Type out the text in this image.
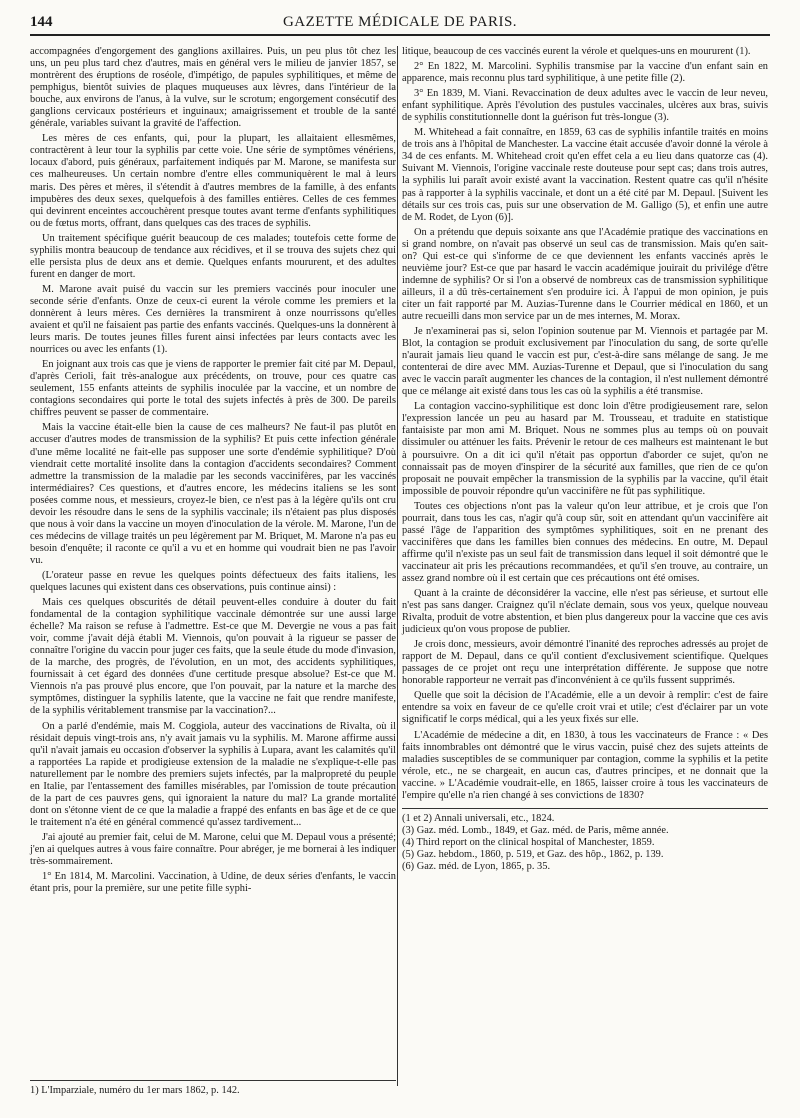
144	GAZETTE MÉDICALE DE PARIS.

accompagnées d'engorgement des ganglions axillaires. Puis, un peu plus tôt chez les uns, un peu plus tard chez d'autres, mais en général vers le milieu de janvier 1857, se montrèrent des éruptions de roséole, d'impétigo, de papules syphilitiques, et même de pemphigus, bientôt suivies de plaques muqueuses aux lèvres, dans l'intérieur de la bouche, aux environs de l'anus, à la vulve, sur le scrotum; engorgement consécutif des ganglions cervicaux postérieurs et inguinaux; amaigrissement et trouble de la santé générale, variables suivant la gravité de l'affection.

Les mères de ces enfants, qui, pour la plupart, les allaitaient ellesmêmes, contractèrent à leur tour la syphilis par cette voie. Une série de symptômes vénériens, locaux d'abord, puis généraux, parfaitement indiqués par M. Marone, se manifesta sur ces malheureuses. Un certain nombre d'entre elles communiquèrent le mal à leurs maris. Des pères et mères, il s'étendit à d'autres membres de la famille, à des enfants impubères des deux sexes, quelquefois à des familles entières. Celles de ces femmes qui devinrent enceintes accouchèrent presque toutes avant terme d'enfants syphilitiques ou de fœtus morts, offrant, dans quelques cas des traces de syphilis.

Un traitement spécifique guérit beaucoup de ces malades; toutefois cette forme de syphilis montra beaucoup de tendance aux récidives, et il se trouva des sujets chez qui elle persista plus de deux ans et demie. Quelques enfants moururent, et des adultes furent en danger de mort.

M. Marone avait puisé du vaccin sur les premiers vaccinés pour inoculer une seconde série d'enfants. Onze de ceux-ci eurent la vérole comme les premiers et la donnèrent à leurs mères. Ces dernières la transmirent à onze nourrissons qu'elles avaient et qu'il ne faisaient pas partie des enfants vaccinés. Quelques-uns la donnèrent à leurs maris. De toutes jeunes filles furent ainsi infectées par leurs contacts avec les nourrices ou avec les enfants (1).

En joignant aux trois cas que je viens de rapporter le premier fait cité par M. Depaul, d'après Cerioli, fait très-analogue aux précédents, on trouve, pour ces quatre cas seulement, 155 enfants atteints de syphilis inoculée par la vaccine, et un nombre de contagions secondaires qui porte le total des sujets infectés à près de 300. De pareils chiffres peuvent se passer de commentaire.

Mais la vaccine était-elle bien la cause de ces malheurs? Ne faut-il pas plutôt en accuser d'autres modes de transmission de la syphilis? Et puis cette infection générale d'une même localité ne fait-elle pas supposer une sorte d'endémie syphilitique? D'où viendrait cette mortalité insolite dans la contagion d'accidents secondaires? Comment admettre la transmission de la maladie par les seconds vaccinifères, par les vaccinés intermédiaires? Ces questions, et d'autres encore, les médecins italiens se les sont posées comme nous, et messieurs, croyez-le bien, ce n'est pas à la légère qu'ils ont cru devoir les résoudre dans le sens de la syphilis vaccinale; ils n'étaient pas plus disposés que nous à voir dans la vaccine un moyen d'inoculation de la vérole. M. Marone, l'un de ces médecins de village traités un peu légèrement par M. Briquet, M. Marone n'a pas eu besoin d'enquête; il raconte ce qu'il a vu et en homme qui voudrait bien ne pas l'avoir vu.

(L'orateur passe en revue les quelques points défectueux des faits italiens, les quelques lacunes qui existent dans ces observations, puis continue ainsi) :

Mais ces quelques obscurités de détail peuvent-elles conduire à douter du fait fondamental de la contagion syphilitique vaccinale démontrée sur une aussi large échelle? Ma raison se refuse à l'admettre. Est-ce que M. Devergie ne vous a pas fait voir, comme j'avait déjà établi M. Viennois, qu'on pouvait à la rigueur se passer de connaître l'origine du vaccin pour juger ces faits, que la seule étude du mode d'invasion, de la marche, des progrès, de l'évolution, en un mot, des accidents syphilitiques, fournissait à cet égard des données d'une certitude presque absolue? Est-ce que M. Viennois n'a pas prouvé plus encore, que l'on pouvait, par la nature et la marche des symptômes, distinguer la syphilis latente, que la vaccine ne fait que rendre manifeste, de la syphilis véritablement transmise par la vaccination?...

On a parlé d'endémie, mais M. Coggiola, auteur des vaccinations de Rivalta, où il résidait depuis vingt-trois ans, n'y avait jamais vu la syphilis. M. Marone affirme aussi qu'il n'avait jamais eu occasion d'observer la syphilis à Lupara, avant les calamités qu'il a rapportées La rapide et prodigieuse extension de la maladie ne s'explique-t-elle pas naturellement par le nombre des premiers sujets infectés, par la malpropreté du peuple en Italie, par l'entassement des familles misérables, par l'omission de toute précaution de la part de ces pauvres gens, qui ignoraient la nature du mal? La grande mortalité dont on s'étonne vient de ce que la maladie a frappé des enfants en bas âge et de ce que le traitement n'a été en général commencé qu'assez tardivement...

J'ai ajouté au premier fait, celui de M. Marone, celui que M. Depaul vous a présenté; j'en ai quelques autres à vous faire connaître. Pour abréger, je me bornerai à les indiquer très-sommairement.

1° En 1814, M. Marcolini. Vaccination, à Udine, de deux séries d'enfants, le vaccin étant pris, pour la première, sur une petite fille syphi-

litique, beaucoup de ces vaccinés eurent la vérole et quelques-uns en moururent (1).

2° En 1822, M. Marcolini. Syphilis transmise par la vaccine d'un enfant sain en apparence, mais reconnu plus tard syphilitique, à une petite fille (2).

3° En 1839, M. Viani. Revaccination de deux adultes avec le vaccin de leur neveu, enfant syphilitique. Après l'évolution des pustules vaccinales, ulcères aux bras, suivis de syphilis constitutionnelle dont la guérison fut très-longue (3).

M. Whitehead a fait connaître, en 1859, 63 cas de syphilis infantile traités en moins de trois ans à l'hôpital de Manchester. La vaccine était accusée d'avoir donné la vérole à 34 de ces enfants. M. Whitehead croit qu'en effet cela a eu lieu dans quatorze cas (4). Suivant M. Viennois, l'origine vaccinale reste douteuse pour sept cas; dans trois autres, la syphilis lui paraît avoir existé avant la vaccination. Restent quatre cas qu'il n'hésite pas à rapporter à la syphilis vaccinale, et dont un a été cité par M. Depaul. [Suivent les détails sur ces trois cas, puis sur une observation de M. Galligo (5), et enfin une autre de M. Rodet, de Lyon (6)].

On a prétendu que depuis soixante ans que l'Académie pratique des vaccinations en si grand nombre, on n'avait pas observé un seul cas de transmission. Mais qu'en sait-on? Qui est-ce qui s'informe de ce que deviennent les enfants vaccinés après le neuvième jour? Est-ce que par hasard le vaccin académique jouirait du privilége d'être indemne de syphilis? Or si l'on a observé de nombreux cas de transmission syphilitique ailleurs, il a dû très-certainement s'en produire ici. À l'appui de mon opinion, je puis citer un fait rapporté par M. Auzias-Turenne dans le Courrier médical en 1860, et un autre recueilli dans mon service par un de mes internes, M. Morax.

Je n'examinerai pas si, selon l'opinion soutenue par M. Viennois et partagée par M. Blot, la contagion se produit exclusivement par l'inoculation du sang, de sorte qu'elle n'aurait jamais lieu quand le vaccin est pur, c'est-à-dire sans mélange de sang. Je me contenterai de dire avec MM. Auzias-Turenne et Depaul, que si l'inoculation du sang avec le vaccin paraît augmenter les chances de la contagion, il n'est nullement démontré que ce mélange ait existé dans tous les cas où la syphilis a été transmise.

La contagion vaccino-syphilitique est donc loin d'être prodigieusement rare, selon l'expression lancée un peu au hasard par M. Trousseau, et traduite en statistique fantaisiste par mon ami M. Briquet. Nous ne sommes plus au temps où on pouvait dissimuler ou atténuer les faits. Prévenir le retour de ces malheurs est maintenant le but à poursuivre. On a dit ici qu'il n'était pas opportun d'aborder ce sujet, qu'on ne connaissait pas de moyen d'inspirer de la sécurité aux familles, que rien de ce qu'on proposait ne pouvait empêcher la transmission de la syphilis par la vaccine, qu'il était impossible de pouvoir répondre qu'un vaccinifère ne fût pas syphilitique.

Toutes ces objections n'ont pas la valeur qu'on leur attribue, et je crois que l'on pourrait, dans tous les cas, n'agir qu'à coup sûr, soit en attendant qu'un vaccinifère ait passé l'âge de l'apparition des symptômes syphilitiques, soit en ne prenant des vaccinifères que dans les familles bien connues des médecins. En outre, M. Depaul affirme qu'il n'existe pas un seul fait de transmission dans lequel il soit démontré que le vaccinateur ait pris les précautions recommandées, et qu'il s'en trouve, au contraire, un assez grand nombre où il est certain que ces précautions ont été omises.

Quant à la crainte de déconsidérer la vaccine, elle n'est pas sérieuse, et surtout elle n'est pas sans danger. Craignez qu'il n'éclate demain, sous vos yeux, quelque nouveau Rivalta, produit de votre abstention, et bien plus dangereux pour la vaccine que ces avis judicieux qu'on vous propose de publier.

Je crois donc, messieurs, avoir démontré l'inanité des reproches adressés au projet de rapport de M. Depaul, dans ce qu'il contient d'exclusivement scientifique. Quelques passages de ce projet ont reçu une interprétation différente. Je suppose que notre honorable rapporteur ne verrait pas d'inconvénient à ce qu'ils fussent supprimés.

Quelle que soit la décision de l'Académie, elle a un devoir à remplir: c'est de faire entendre sa voix en faveur de ce qu'elle croit vrai et utile; c'est d'éclairer par un vote significatif le corps médical, qui a les yeux fixés sur elle.

L'Académie de médecine a dit, en 1830, à tous les vaccinateurs de France : « Des faits innombrables ont démontré que le virus vaccin, puisé chez des sujets atteints de maladies susceptibles de se communiquer par contagion, comme la syphilis et la petite vérole, etc., ne se chargeait, en aucun cas, d'autres principes, et ne donnait que la vaccine. » L'Académie voudrait-elle, en 1865, laisser croire à tous les vaccinateurs de l'empire qu'elle n'a rien changé à ses convictions de 1830?

(1 et 2) Annali universali, etc., 1824.

(3) Gaz. méd. Lomb., 1849, et Gaz. méd. de Paris, même année.

(4) Third report on the clinical hospital of Manchester, 1859.

(5) Gaz. hebdom., 1860, p. 519, et Gaz. des hôp., 1862, p. 139.

(6) Gaz. méd. de Lyon, 1865, p. 35.

1) L'Imparziale, numéro du 1er mars 1862, p. 142.
